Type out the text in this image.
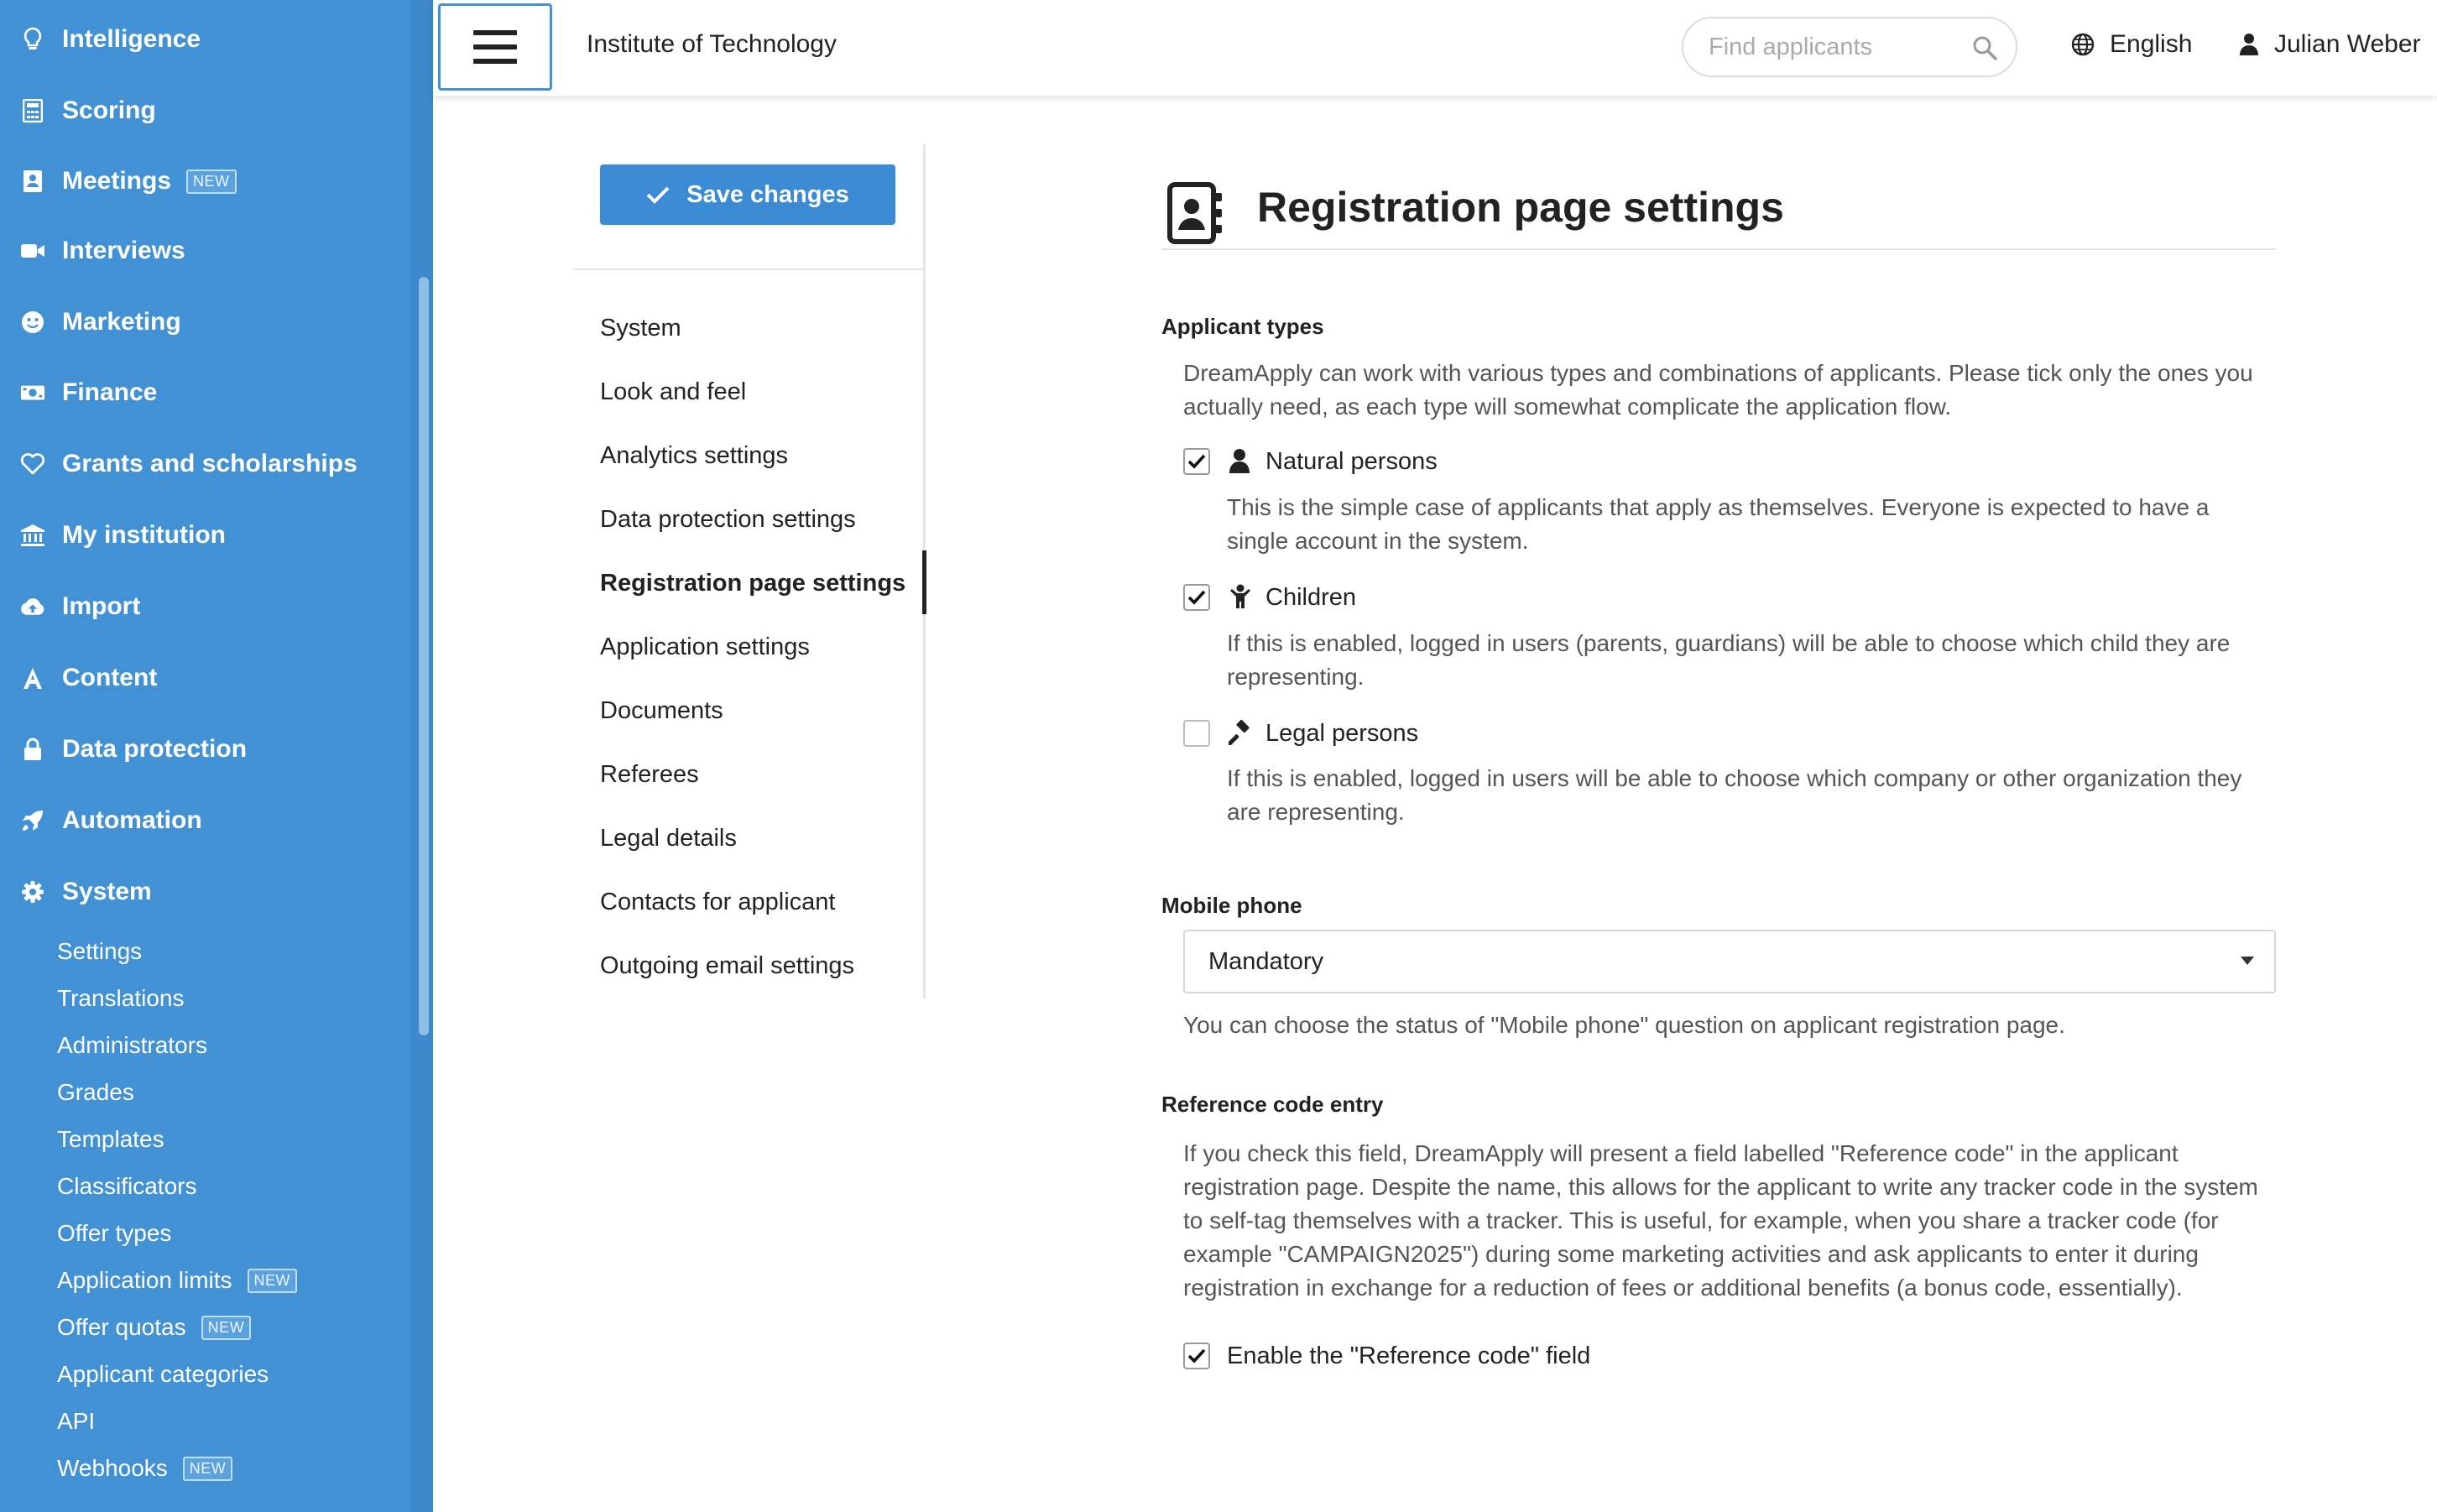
Intelligence
Scoring
Meetings	NEW
Interviews
Marketing
Finance
Grants and scholarships
My institution
Import
Content
Data protection
Automation
System
Settings
Translations
Administrators
Grades
Templates
Classificators
Offer types
Application limits	NEW
Offer quotas	NEW
Applicant categories
API
Webhooks	NEW
Institute of Technology
Find applicants	English	Julian Weber
Save changes
System
Look and feel
Analytics settings
Data protection settings
Registration page settings
Application settings
Documents
Referees
Legal details
Contacts for applicant
Outgoing email settings
Registration page settings
Applicant types
DreamApply can work with various types and combinations of applicants. Please tick only the ones you actually need, as each type will somewhat complicate the application flow.
Natural persons
This is the simple case of applicants that apply as themselves. Everyone is expected to have a single account in the system.
Children
If this is enabled, logged in users (parents, guardians) will be able to choose which child they are representing.
Legal persons
If this is enabled, logged in users will be able to choose which company or other organization they are representing.
Mobile phone
Mandatory
You can choose the status of "Mobile phone" question on applicant registration page.
Reference code entry
If you check this field, DreamApply will present a field labelled "Reference code" in the applicant registration page. Despite the name, this allows for the applicant to write any tracker code in the system to self-tag themselves with a tracker. This is useful, for example, when you share a tracker code (for example "CAMPAIGN2025") during some marketing activities and ask applicants to enter it during registration in exchange for a reduction of fees or additional benefits (a bonus code, essentially).
Enable the "Reference code" field
